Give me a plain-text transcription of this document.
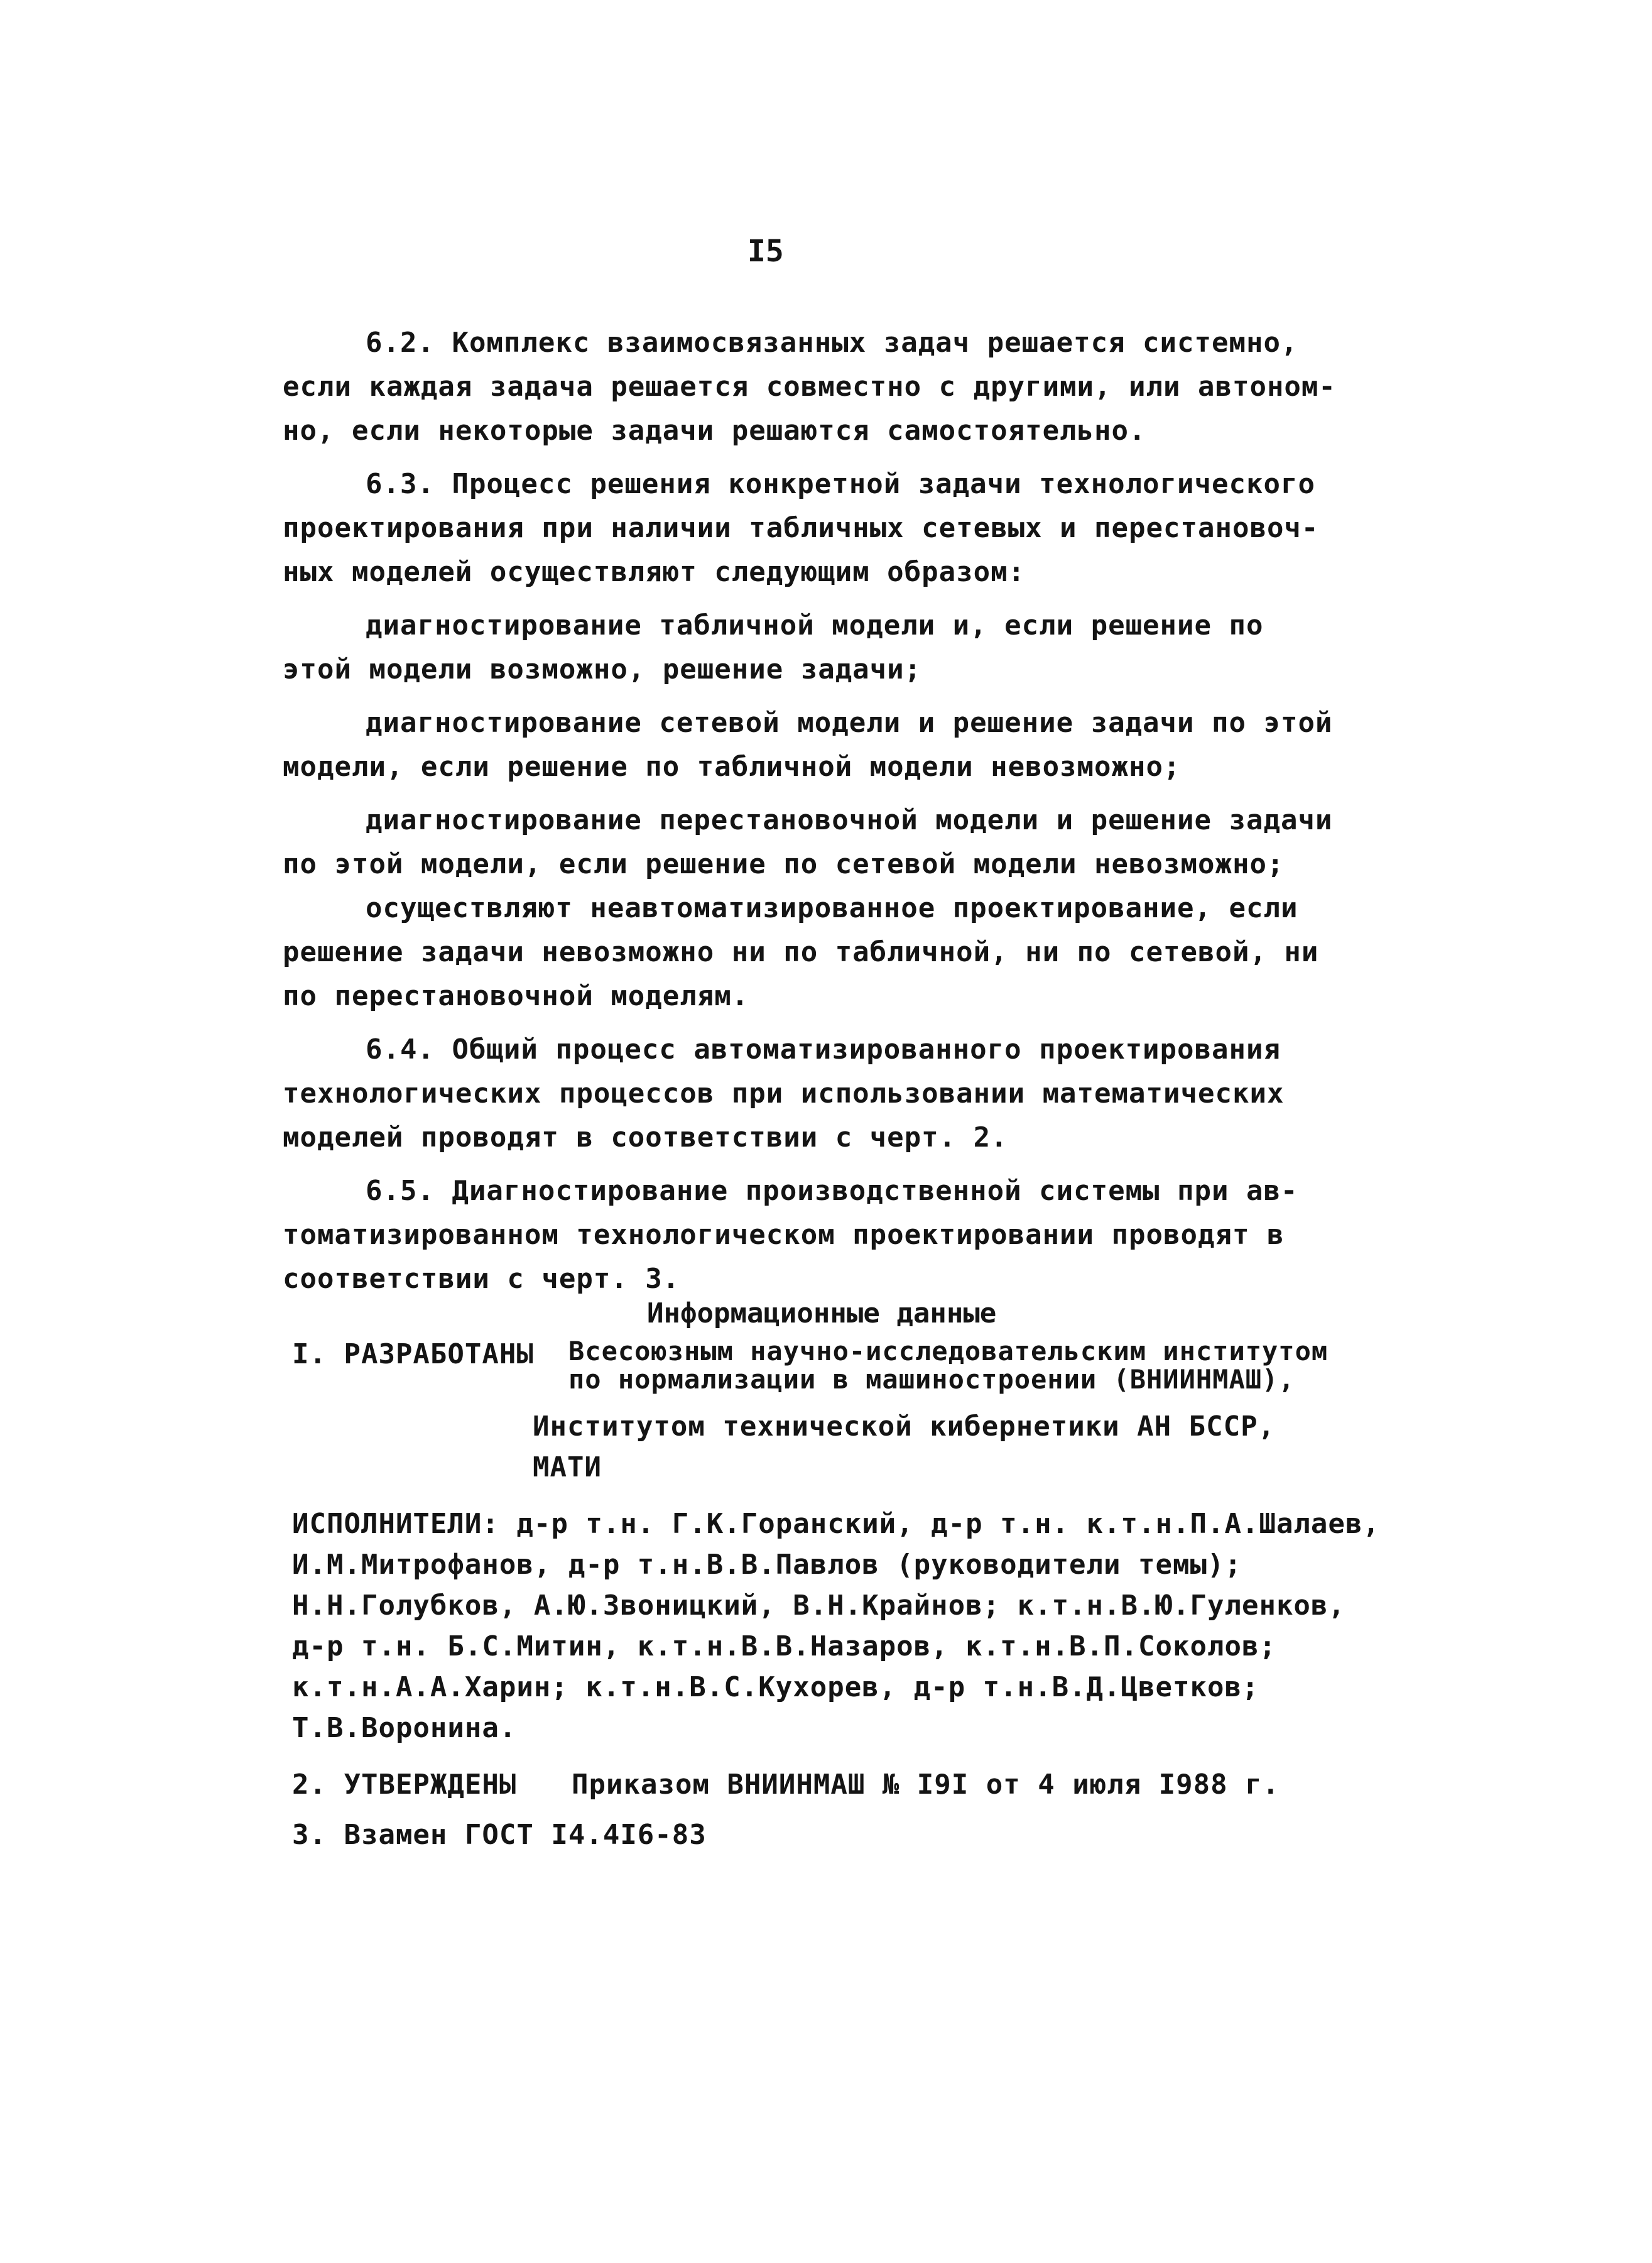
I5
6.2. Комплекс взаимосвязанных задач решается системно,
если каждая задача решается совместно с другими, или автоном-
но, если некоторые задачи решаются самостоятельно.
6.3. Процесс решения конкретной задачи технологического
проектирования при наличии табличных сетевых и перестановоч-
ных моделей осуществляют следующим образом:
диагностирование табличной модели и, если решение по
этой модели возможно, решение задачи;
диагностирование сетевой модели и решение задачи по этой
модели, если решение по табличной модели невозможно;
диагностирование перестановочной модели и решение задачи
по этой модели, если решение по сетевой модели невозможно;
осуществляют неавтоматизированное проектирование, если
решение задачи невозможно ни по табличной, ни по сетевой, ни
по перестановочной моделям.
6.4. Общий процесс автоматизированного проектирования
технологических процессов при использовании математических
моделей проводят в соответствии с черт. 2.
6.5. Диагностирование производственной системы при ав-
томатизированном технологическом проектировании проводят в
соответствии с черт. 3.
Информационные данные
I. РАЗРАБОТАНЫ Всесоюзным научно-исследовательским институтом
по нормализации в машиностроении (ВНИИНМАШ),
Институтом технической кибернетики АН БССР,
МАТИ
ИСПОЛНИТЕЛИ: д-р т.н. Г.К.Горанский, д-р т.н. к.т.н.П.А.Шалаев,
И.М.Митрофанов, д-р т.н.В.В.Павлов (руководители темы);
Н.Н.Голубков, А.Ю.Звоницкий, В.Н.Крайнов; к.т.н.В.Ю.Гуленков,
д-р т.н. Б.С.Митин, к.т.н.В.В.Назаров, к.т.н.В.П.Соколов;
к.т.н.А.А.Харин; к.т.н.В.С.Кухорев, д-р т.н.В.Д.Цветков;
Т.В.Воронина.
2. УТВЕРЖДЕНЫ Приказом ВНИИНМАШ № I9I от 4 июля I988 г.
3. Взамен ГОСТ I4.4I6-83
